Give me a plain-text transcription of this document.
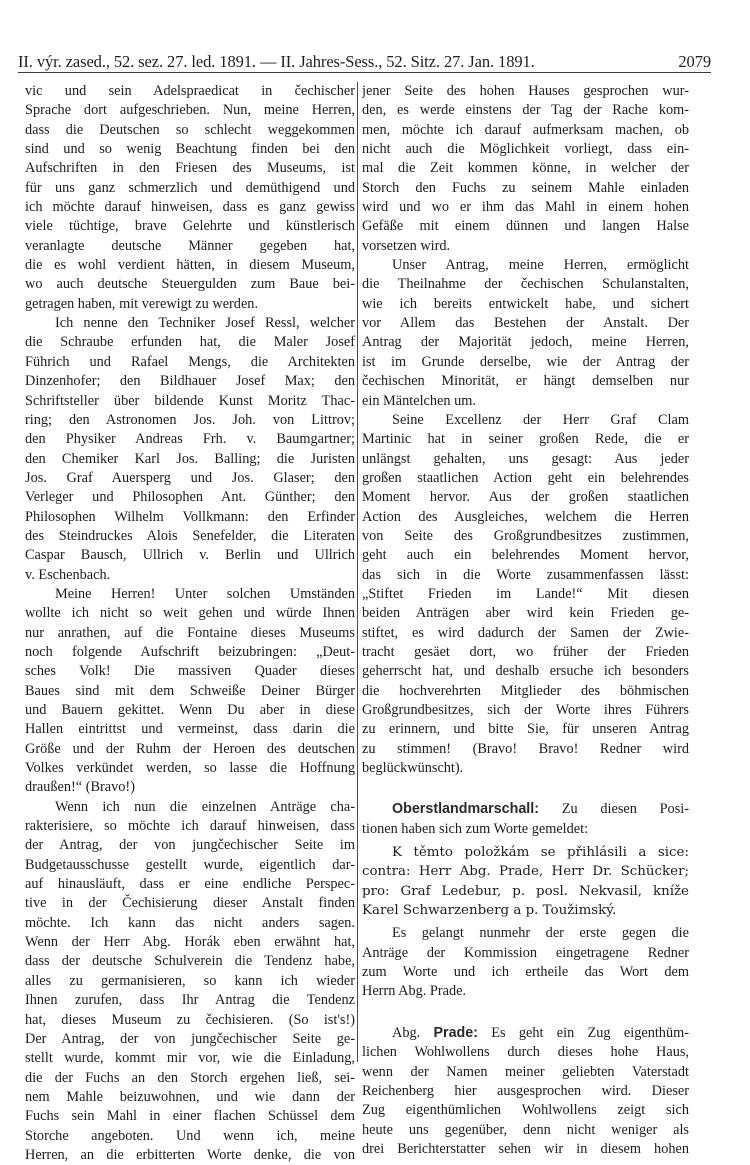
II. výr. zased., 52. sez. 27. led. 1891. — II. Jahres-Sess., 52. Sitz. 27. Jan. 1891.	2079
vic und sein Adelspraedicat in čechischer
Sprache dort aufgeschrieben. Nun, meine Herren,
dass die Deutschen so schlecht weggekommen
sind und so wenig Beachtung finden bei den
Aufschriften in den Friesen des Museums, ist
für uns ganz schmerzlich und demüthigend und
ich möchte darauf hinweisen, dass es ganz gewiss
viele tüchtige, brave Gelehrte und künstlerisch
veranlagte deutsche Männer gegeben hat,
die es wohl verdient hätten, in diesem Museum,
wo auch deutsche Steuergulden zum Baue bei-
getragen haben, mit verewigt zu werden.
Ich nenne den Techniker Josef Ressl, welcher
die Schraube erfunden hat, die Maler Josef
Führich und Rafael Mengs, die Architekten
Dinzenhofer; den Bildhauer Josef Max; den
Schriftsteller über bildende Kunst Moritz Thac-
ring; den Astronomen Jos. Joh. von Littrov;
den Physiker Andreas Frh. v. Baumgartner;
den Chemiker Karl Jos. Balling; die Juristen
Jos. Graf Auersperg und Jos. Glaser; den
Verleger und Philosophen Ant. Günther; den
Philosophen Wilhelm Vollkmann: den Erfinder
des Steindruckes Alois Senefelder, die Literaten
Caspar Bausch, Ullrich v. Berlin und Ullrich
v. Eschenbach.
Meine Herren! Unter solchen Umständen
wollte ich nicht so weit gehen und würde Ihnen
nur anrathen, auf die Fontaine dieses Museums
noch folgende Aufschrift beizubringen: „Deut-
sches Volk! Die massiven Quader dieses
Baues sind mit dem Schweiße Deiner Bürger
und Bauern gekittet. Wenn Du aber in diese
Hallen eintrittst und vermeinst, dass darin die
Größe und der Ruhm der Heroen des deutschen
Volkes verkündet werden, so lasse die Hoffnung
draußen!“ (Bravo!)
Wenn ich nun die einzelnen Anträge cha-
rakterisiere, so möchte ich darauf hinweisen, dass
der Antrag, der von jungčechischer Seite im
Budgetausschusse gestellt wurde, eigentlich dar-
auf hinausläuft, dass er eine endliche Perspec-
tive in der Čechisierung dieser Anstalt finden
möchte. Ich kann das nicht anders sagen.
Wenn der Herr Abg. Horák eben erwähnt hat,
dass der deutsche Schulverein die Tendenz habe,
alles zu germanisieren, so kann ich wieder
Ihnen zurufen, dass Ihr Antrag die Tendenz
hat, dieses Museum zu čechisieren. (So ist's!)
Der Antrag, der von jungčechischer Seite ge-
stellt wurde, kommt mir vor, wie die Einladung,
die der Fuchs an den Storch ergehen ließ, sei-
nem Mahle beizuwohnen, und wie dann der
Fuchs sein Mahl in einer flachen Schüssel dem
Storche angeboten. Und wenn ich, meine
Herren, an die erbitterten Worte denke, die von
jener Seite des hohen Hauses gesprochen wur-
den, es werde einstens der Tag der Rache kom-
men, möchte ich darauf aufmerksam machen, ob
nicht auch die Möglichkeit vorliegt, dass ein-
mal die Zeit kommen könne, in welcher der
Storch den Fuchs zu seinem Mahle einladen
wird und wo er ihm das Mahl in einem hohen
Gefäße mit einem dünnen und langen Halse
vorsetzen wird.
Unser Antrag, meine Herren, ermöglicht
die Theilnahme der čechischen Schulanstalten,
wie ich bereits entwickelt habe, und sichert
vor Allem das Bestehen der Anstalt. Der
Antrag der Majorität jedoch, meine Herren,
ist im Grunde derselbe, wie der Antrag der
čechischen Minorität, er hängt demselben nur
ein Mäntelchen um.
Seine Excellenz der Herr Graf Clam
Martinic hat in seiner großen Rede, die er
unlängst gehalten, uns gesagt: Aus jeder
großen staatlichen Action geht ein belehrendes
Moment hervor. Aus der großen staatlichen
Action des Ausgleiches, welchem die Herren
von Seite des Großgrundbesitzes zustimmen,
geht auch ein belehrendes Moment hervor,
das sich in die Worte zusammenfassen lässt:
„Stiftet Frieden im Lande!“ Mit diesen
beiden Anträgen aber wird kein Frieden ge-
stiftet, es wird dadurch der Samen der Zwie-
tracht gesäet dort, wo früher der Frieden
geherrscht hat, und deshalb ersuche ich besonders
die hochverehrten Mitglieder des böhmischen
Großgrundbesitzes, sich der Worte ihres Führers
zu erinnern, und bitte Sie, für unseren Antrag
zu stimmen! (Bravo! Bravo! Redner wird
beglückwünscht).
Oberstlandmarschall: Zu diesen Posi-
tionen haben sich zum Worte gemeldet:
K těmto položkám se přihlásili a sice:
contra: Herr Abg. Prade, Herr Dr. Schücker;
pro: Graf Ledebur, p. posl. Nekvasil, kníže
Karel Schwarzenberg a p. Toužimský.
Es gelangt nunmehr der erste gegen die
Anträge der Kommission eingetragene Redner
zum Worte und ich ertheile das Wort dem
Herrn Abg. Prade.
Abg. Prade: Es geht ein Zug eigenthüm-
lichen Wohlwollens durch dieses hohe Haus,
wenn der Namen meiner geliebten Vaterstadt
Reichenberg hier ausgesprochen wird. Dieser
Zug eigenthümlichen Wohlwollens zeigt sich
heute uns gegenüber, denn nicht weniger als
drei Berichterstatter sehen wir in diesem hohen
